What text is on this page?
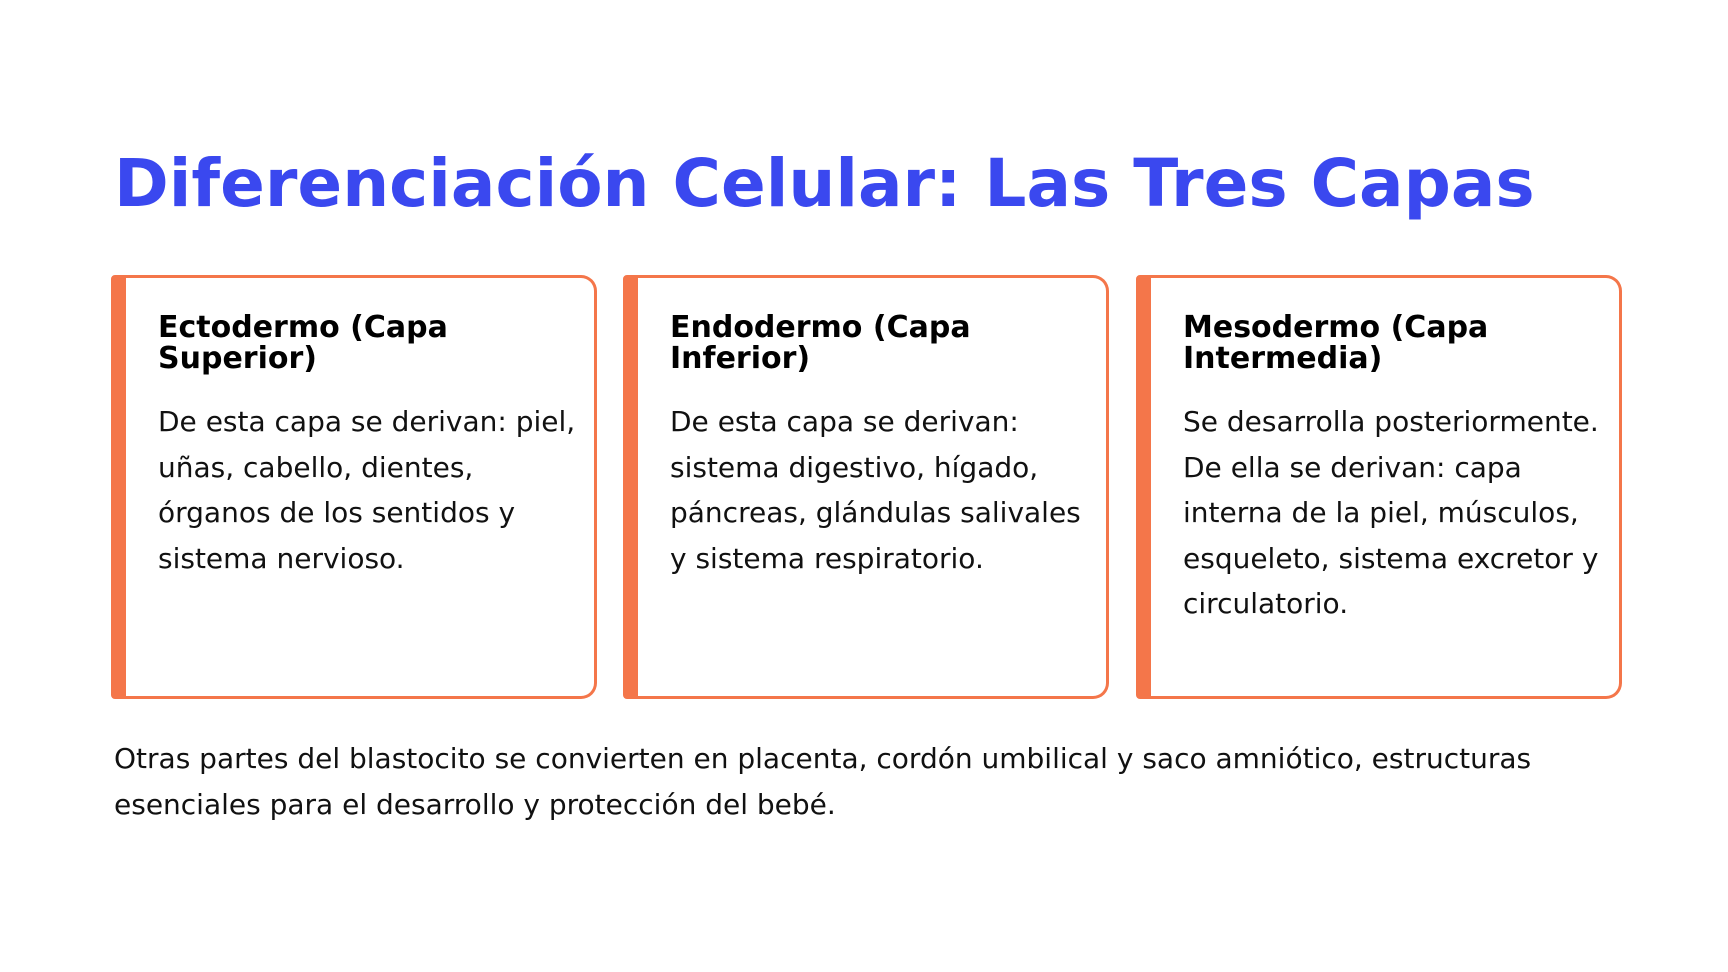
Diferenciación Celular: Las Tres Capas
Ectodermo (Capa Superior)

De esta capa se derivan: piel, uñas, cabello, dientes, órganos de los sentidos y sistema nervioso.

Endodermo (Capa Inferior)

De esta capa se derivan: sistema digestivo, hígado, páncreas, glándulas salivales y sistema respiratorio.

Mesodermo (Capa Intermedia)

Se desarrolla posteriormente. De ella se derivan: capa interna de la piel, músculos, esqueleto, sistema excretor y circulatorio.

Otras partes del blastocito se convierten en placenta, cordón umbilical y saco amniótico, estructuras esenciales para el desarrollo y protección del bebé.
